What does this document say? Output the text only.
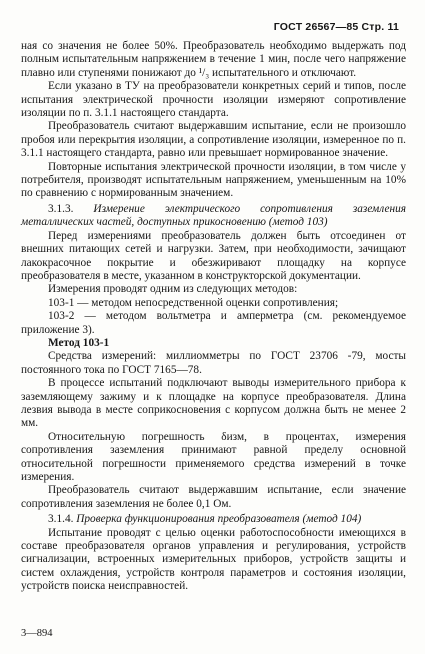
ГОСТ 26567—85 Стр. 11

ная со значения не более 50%. Преобразователь необходимо выдержать под полным испытательным напряжением в течение 1 мин, после чего напряжение плавно или ступенями понижают до ¹/₃ испытательного и отключают.

Если указано в ТУ на преобразователи конкретных серий и типов, после испытания электрической прочности изоляции измеряют сопротивление изоляции по п. 3.1.1 настоящего стандарта.

Преобразователь считают выдержавшим испытание, если не произошло пробоя или перекрытия изоляции, а сопротивление изоляции, измеренное по п. 3.1.1 настоящего стандарта, равно или превышает нормированное значение.

Повторные испытания электрической прочности изоляции, в том числе у потребителя, производят испытательным напряжением, уменьшенным на 10% по сравнению с нормированным значением.

3.1.3. Измерение электрического сопротивления заземления металлических частей, доступных прикосновению (метод 103)

Перед измерениями преобразователь должен быть отсоединен от внешних питающих сетей и нагрузки. Затем, при необходимости, зачищают лакокрасочное покрытие и обезжиривают площадку на корпусе преобразователя в месте, указанном в конструкторской документации.

Измерения проводят одним из следующих методов:

103-1 — методом непосредственной оценки сопротивления;

103-2 — методом вольтметра и амперметра (см. рекомендуемое приложение 3).

Метод 103-1

Средства измерений: миллиомметры по ГОСТ 23706 -79, мосты постоянного тока по ГОСТ 7165—78.

В процессе испытаний подключают выводы измерительного прибора к заземляющему зажиму и к площадке на корпусе преобразователя. Длина лезвия вывода в месте соприкосновения с корпусом должна быть не менее 2 мм.

Относительную погрешность δизм, в процентах, измерения сопротивления заземления принимают равной пределу основной относительной погрешности применяемого средства измерений в точке измерения.

Преобразователь считают выдержавшим испытание, если значение сопротивления заземления не более 0,1 Ом.

3.1.4. Проверка функционирования преобразователя (метод 104)

Испытание проводят с целью оценки работоспособности имеющихся в составе преобразователя органов управления и регулирования, устройств сигнализации, встроенных измерительных приборов, устройств защиты и систем охлаждения, устройств контроля параметров и состояния изоляции, устройств поиска неисправностей.

3—894
